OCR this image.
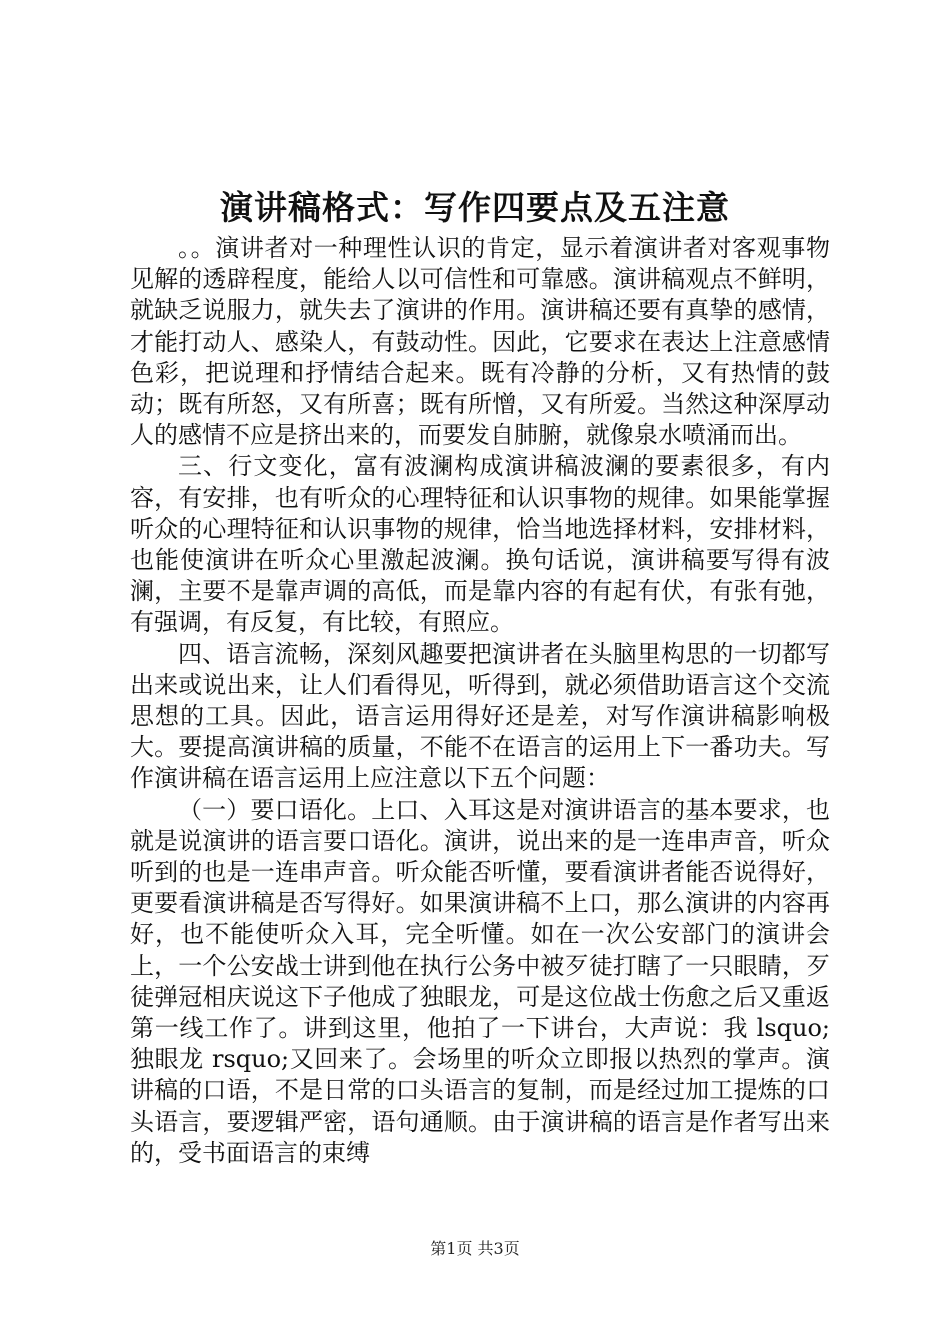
演讲稿格式：写作四要点及五注意

。。演讲者对一种理性认识的肯定，显示着演讲者对客观事物见解的透辟程度，能给人以可信性和可靠感。演讲稿观点不鲜明，就缺乏说服力，就失去了演讲的作用。演讲稿还要有真挚的感情，才能打动人、感染人，有鼓动性。因此，它要求在表达上注意感情色彩，把说理和抒情结合起来。既有冷静的分析，又有热情的鼓动；既有所怒，又有所喜；既有所憎，又有所爱。当然这种深厚动人的感情不应是挤出来的，而要发自肺腑，就像泉水喷涌而出。

三、行文变化，富有波澜构成演讲稿波澜的要素很多，有内容，有安排，也有听众的心理特征和认识事物的规律。如果能掌握听众的心理特征和认识事物的规律，恰当地选择材料，安排材料，也能使演讲在听众心里激起波澜。换句话说，演讲稿要写得有波澜，主要不是靠声调的高低，而是靠内容的有起有伏，有张有弛，有强调，有反复，有比较，有照应。

四、语言流畅，深刻风趣要把演讲者在头脑里构思的一切都写出来或说出来，让人们看得见，听得到，就必须借助语言这个交流思想的工具。因此，语言运用得好还是差，对写作演讲稿影响极大。要提高演讲稿的质量，不能不在语言的运用上下一番功夫。写作演讲稿在语言运用上应注意以下五个问题：

（一）要口语化。上口、入耳这是对演讲语言的基本要求，也就是说演讲的语言要口语化。演讲，说出来的是一连串声音，听众听到的也是一连串声音。听众能否听懂，要看演讲者能否说得好，更要看演讲稿是否写得好。如果演讲稿不上口，那么演讲的内容再好，也不能使听众入耳，完全听懂。如在一次公安部门的演讲会上，一个公安战士讲到他在执行公务中被歹徒打瞎了一只眼睛，歹徒弹冠相庆说这下子他成了独眼龙，可是这位战士伤愈之后又重返第一线工作了。讲到这里，他拍了一下讲台，大声说：我 lsquo;独眼龙 rsquo;又回来了。会场里的听众立即报以热烈的掌声。演讲稿的口语，不是日常的口头语言的复制，而是经过加工提炼的口头语言，要逻辑严密，语句通顺。由于演讲稿的语言是作者写出来的，受书面语言的束缚

第1页 共3页
